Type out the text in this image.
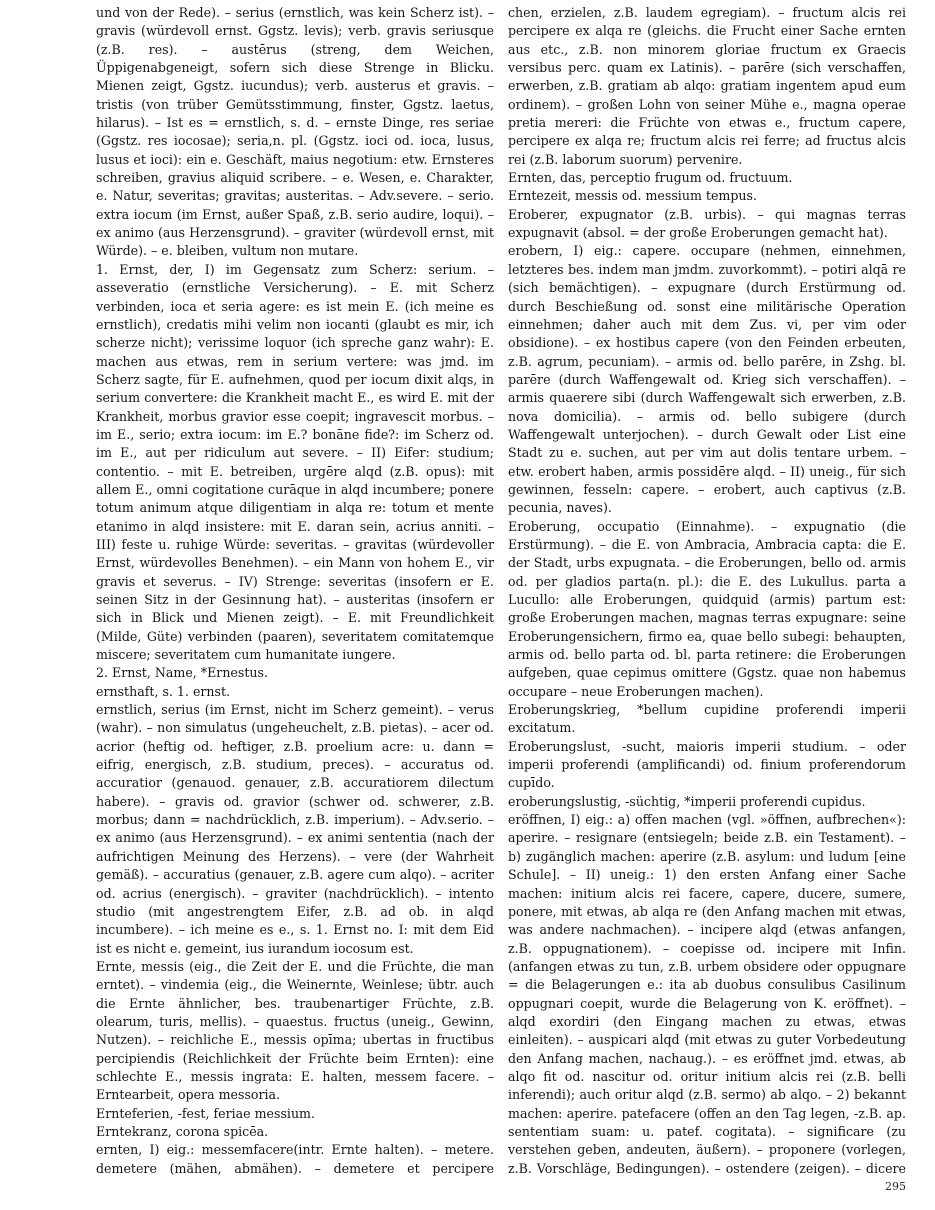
und von der Rede). – serius (ernstlich, was kein Scherz ist). – gravis (würdevoll ernst. Ggstz. levis); verb. gravis seriusque (z.B. res). – austērus (streng, dem Weichen, Üppigenabgeneigt, sofern sich diese Strenge in Blicku. Mienen zeigt, Ggstz. iucundus); verb. austerus et gravis. – tristis (von trüber Gemütsstimmung, finster, Ggstz. laetus, hilarus). – Ist es = ernstlich, s. d. – ernste Dinge, res seriae (Ggstz. res iocosae); seria,n. pl. (Ggstz. ioci od. ioca, lusus, lusus et ioci): ein e. Geschäft, maius negotium: etw. Ernsteres schreiben, gravius aliquid scribere. – e. Wesen, e. Charakter, e. Natur, severitas; gravitas; austeritas. – Adv.severe. – serio. extra iocum (im Ernst, außer Spaß, z.B. serio audire, loqui). – ex animo (aus Herzensgrund). – graviter (würdevoll ernst, mit Würde). – e. bleiben, vultum non mutare.

1. Ernst, der, I) im Gegensatz zum Scherz: serium. – asseveratio (ernstliche Versicherung). – E. mit Scherz verbinden, ioca et seria agere: es ist mein E. (ich meine es ernstlich), credatis mihi velim non iocanti (glaubt es mir, ich scherze nicht); verissime loquor (ich spreche ganz wahr): E. machen aus etwas, rem in serium vertere: was jmd. im Scherz sagte, für E. aufnehmen, quod per iocum dixit alqs, in serium convertere: die Krankheit macht E., es wird E. mit der Krankheit, morbus gravior esse coepit; ingravescit morbus. – im E., serio; extra iocum: im E.? bonāne fide?: im Scherz od. im E., aut per ridiculum aut severe. – II) Eifer: studium; contentio. – mit E. betreiben, urgēre alqd (z.B. opus): mit allem E., omni cogitatione curāque in alqd incumbere; ponere totum animum atque diligentiam in alqa re: totum et mente etanimo in alqd insistere: mit E. daran sein, acrius anniti. – III) feste u. ruhige Würde: severitas. – gravitas (würdevoller Ernst, würdevolles Benehmen). – ein Mann von hohem E., vir gravis et severus. – IV) Strenge: severitas (insofern er E. seinen Sitz in der Gesinnung hat). – austeritas (insofern er sich in Blick und Mienen zeigt). – E. mit Freundlichkeit (Milde, Güte) verbinden (paaren), severitatem comitatemque miscere; severitatem cum humanitate iungere.

2. Ernst, Name, *Ernestus.

ernsthaft, s. 1. ernst.

ernstlich, serius (im Ernst, nicht im Scherz gemeint). – verus (wahr). – non simulatus (ungeheuchelt, z.B. pietas). – acer od. acrior (heftig od. heftiger, z.B. proelium acre: u. dann = eifrig, energisch, z.B. studium, preces). – accuratus od. accuratior (genauod. genauer, z.B. accuratiorem dilectum habere). – gravis od. gravior (schwer od. schwerer, z.B. morbus; dann = nachdrücklich, z.B. imperium). – Adv.serio. – ex animo (aus Herzensgrund). – ex animi sententia (nach der aufrichtigen Meinung des Herzens). – vere (der Wahrheit gemäß). – accuratius (genauer, z.B. agere cum alqo). – acriter od. acrius (energisch). – graviter (nachdrücklich). – intento studio (mit angestrengtem Eifer, z.B. ad ob. in alqd incumbere). – ich meine es e., s. 1. Ernst no. I: mit dem Eid ist es nicht e. gemeint, ius iurandum iocosum est.

Ernte, messis (eig., die Zeit der E. und die Früchte, die man erntet). – vindemia (eig., die Weinernte, Weinlese; übtr. auch die Ernte ähnlicher, bes. traubenartiger Früchte, z.B. olearum, turis, mellis). – quaestus. fructus (uneig., Gewinn, Nutzen). – reichliche E., messis opīma; ubertas in fructibus percipiendis (Reichlichkeit der Früchte beim Ernten): eine schlechte E., messis ingrata: E. halten, messem facere. – Erntearbeit, opera messoria.

Ernteferien, -fest, feriae messium.

Erntekranz, corona spicēa.

ernten, I) eig.: messemfacere(intr. Ernte halten). – metere. demetere (mähen, abmähen). – demetere et percipere

chen, erzielen, z.B. laudem egregiam). – fructum alcis rei percipere ex alqa re (gleichs. die Frucht einer Sache ernten aus etc., z.B. non minorem gloriae fructum ex Graecis versibus perc. quam ex Latinis). – parēre (sich verschaffen, erwerben, z.B. gratiam ab alqo: gratiam ingentem apud eum ordinem). – großen Lohn von seiner Mühe e., magna operae pretia mereri: die Früchte von etwas e., fructum capere, percipere ex alqa re; fructum alcis rei ferre; ad fructus alcis rei (z.B. laborum suorum) pervenire.

Ernten, das, perceptio frugum od. fructuum.

Erntezeit, messis od. messium tempus.

Eroberer, expugnator (z.B. urbis). – qui magnas terras expugnavit (absol. = der große Eroberungen gemacht hat).

erobern, I) eig.: capere. occupare (nehmen, einnehmen, letzteres bes. indem man jmdm. zuvorkommt). – potiri alqā re (sich bemächtigen). – expugnare (durch Erstürmung od. durch Beschießung od. sonst eine militärische Operation einnehmen; daher auch mit dem Zus. vi, per vim oder obsidione). – ex hostibus capere (von den Feinden erbeuten, z.B. agrum, pecuniam). – armis od. bello parēre, in Zshg. bl. parēre (durch Waffengewalt od. Krieg sich verschaffen). – armis quaerere sibi (durch Waffengewalt sich erwerben, z.B. nova domicilia). – armis od. bello subigere (durch Waffengewalt unterjochen). – durch Gewalt oder List eine Stadt zu e. suchen, aut per vim aut dolis tentare urbem. – etw. erobert haben, armis possidēre alqd. – II) uneig., für sich gewinnen, fesseln: capere. – erobert, auch captivus (z.B. pecunia, naves).

Eroberung, occupatio (Einnahme). – expugnatio (die Erstürmung). – die E. von Ambracia, Ambracia capta: die E. der Stadt, urbs expugnata. – die Eroberungen, bello od. armis od. per gladios parta(n. pl.): die E. des Lukullus. parta a Lucullo: alle Eroberungen, quidquid (armis) partum est: große Eroberungen machen, magnas terras expugnare: seine Eroberungensichern, firmo ea, quae bello subegi: behaupten, armis od. bello parta od. bl. parta retinere: die Eroberungen aufgeben, quae cepimus omittere (Ggstz. quae non habemus occupare – neue Eroberungen machen).

Eroberungskrieg, *bellum cupidine proferendi imperii excitatum.

Eroberungslust, -sucht, maioris imperii studium. – oder imperii proferendi (amplificandi) od. finium proferendorum cupīdo.

eroberungslustig, -süchtig, *imperii proferendi cupidus.

eröffnen, I) eig.: a) offen machen (vgl. »öffnen, aufbrechen«): aperire. – resignare (entsiegeln; beide z.B. ein Testament). – b) zugänglich machen: aperire (z.B. asylum: und ludum [eine Schule]. – II) uneig.: 1) den ersten Anfang einer Sache machen: initium alcis rei facere, capere, ducere, sumere, ponere, mit etwas, ab alqa re (den Anfang machen mit etwas, was andere nachmachen). – incipere alqd (etwas anfangen, z.B. oppugnationem). – coepisse od. incipere mit Infin. (anfangen etwas zu tun, z.B. urbem obsidere oder oppugnare = die Belagerungen e.: ita ab duobus consulibus Casilinum oppugnari coepit, wurde die Belagerung von K. eröffnet). – alqd exordiri (den Eingang machen zu etwas, etwas einleiten). – auspicari alqd (mit etwas zu guter Vorbedeutung den Anfang machen, nachaug.). – es eröffnet jmd. etwas, ab alqo fit od. nascitur od. oritur initium alcis rei (z.B. belli inferendi); auch oritur alqd (z.B. sermo) ab alqo. – 2) bekannt machen: aperire. patefacere (offen an den Tag legen, -z.B. ap. sententiam suam: u. patef. cogitata). – significare (zu verstehen geben, andeuten, äußern). – proponere (vorlegen, z.B. Vorschläge, Bedingungen). – ostendere (zeigen). – dicere

295
